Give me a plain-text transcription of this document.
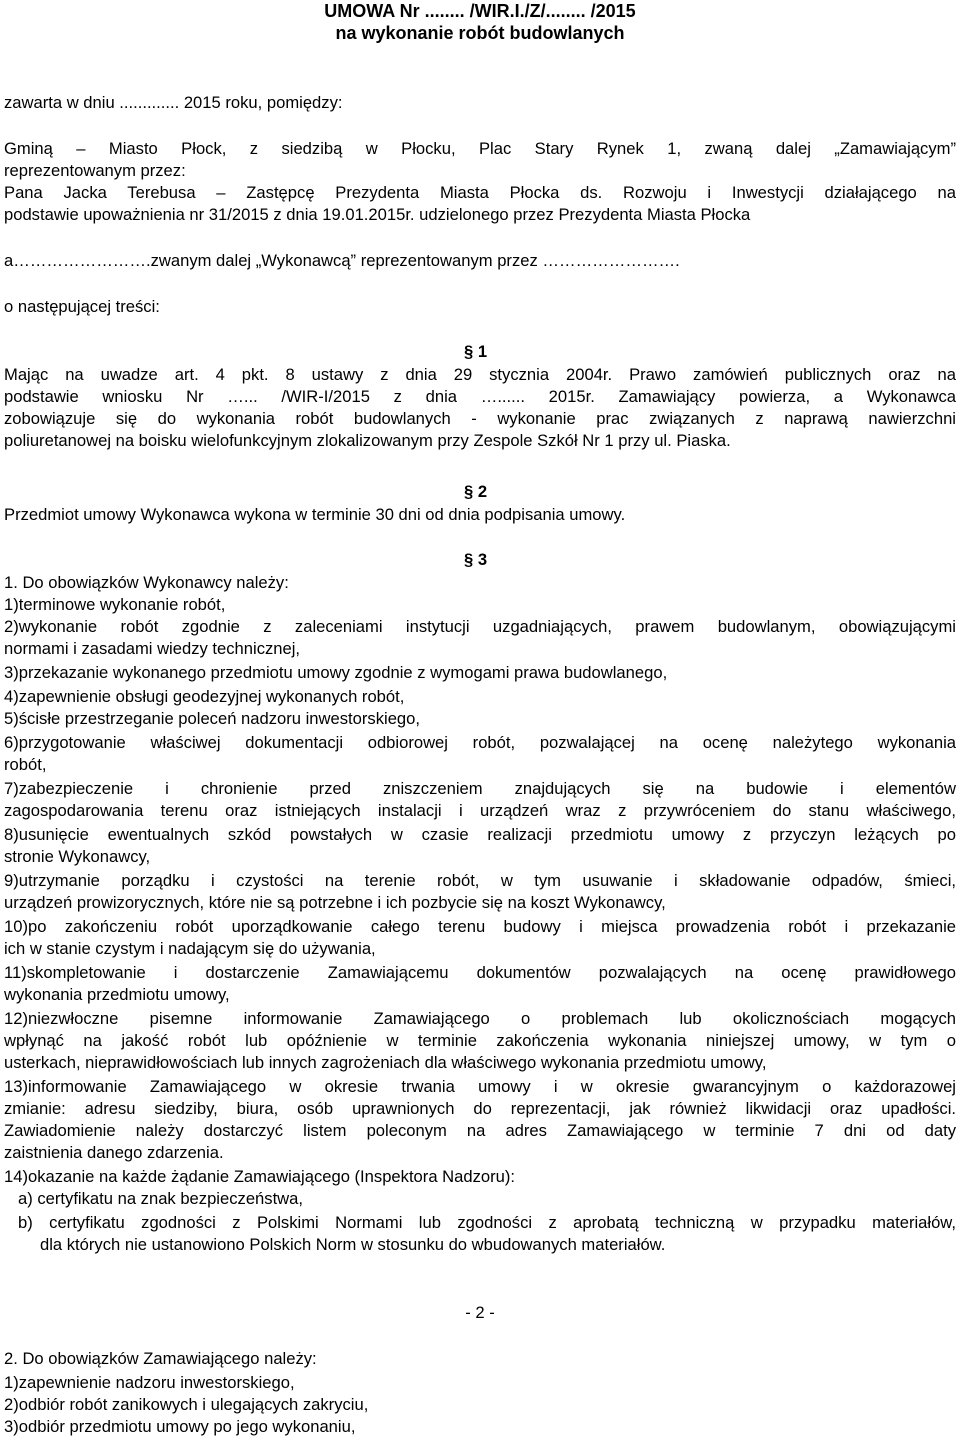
UMOWA Nr ........ /WIR.I./Z/........ /2015
na wykonanie robót budowlanych
zawarta w dniu ............. 2015 roku, pomiędzy:
Gminą – Miasto Płock, z siedzibą w Płocku, Plac Stary Rynek 1, zwaną dalej „Zamawiającym”
reprezentowanym przez:
Pana Jacka Terebusa – Zastępcę Prezydenta Miasta Płocka ds. Rozwoju i Inwestycji działającego na
podstawie upoważnienia nr 31/2015 z dnia 19.01.2015r. udzielonego przez Prezydenta Miasta Płocka
a…………………….zwanym dalej „Wykonawcą” reprezentowanym przez …………………….
o następującej treści:
§ 1
Mając na uwadze art. 4 pkt. 8 ustawy z dnia 29 stycznia 2004r. Prawo zamówień publicznych oraz na
podstawie wniosku Nr …... /WIR-I/2015 z dnia …...... 2015r. Zamawiający powierza, a Wykonawca
zobowiązuje się do wykonania robót budowlanych - wykonanie prac związanych z naprawą nawierzchni
poliuretanowej na boisku wielofunkcyjnym zlokalizowanym przy Zespole Szkół Nr 1 przy ul. Piaska.
§ 2
Przedmiot umowy Wykonawca wykona w terminie 30 dni od dnia podpisania umowy.
§ 3
1. Do obowiązków Wykonawcy należy:
1)terminowe wykonanie robót,
2)wykonanie robót zgodnie z zaleceniami instytucji uzgadniających, prawem budowlanym, obowiązującymi
normami i zasadami wiedzy technicznej,
3)przekazanie wykonanego przedmiotu umowy zgodnie z wymogami prawa budowlanego,
4)zapewnienie obsługi geodezyjnej wykonanych robót,
5)ścisłe przestrzeganie poleceń nadzoru inwestorskiego,
6)przygotowanie właściwej dokumentacji odbiorowej robót, pozwalającej na ocenę należytego wykonania
robót,
7)zabezpieczenie i chronienie przed zniszczeniem znajdujących się na budowie i elementów
zagospodarowania terenu oraz istniejących instalacji i urządzeń wraz z przywróceniem do stanu właściwego,
8)usunięcie ewentualnych szkód powstałych w czasie realizacji przedmiotu umowy z przyczyn leżących po
stronie Wykonawcy,
9)utrzymanie porządku i czystości na terenie robót, w tym usuwanie i składowanie odpadów, śmieci,
urządzeń prowizorycznych, które nie są potrzebne i ich pozbycie się na koszt Wykonawcy,
10)po zakończeniu robót uporządkowanie całego terenu budowy i miejsca prowadzenia robót i przekazanie
ich w stanie czystym i nadającym się do używania,
11)skompletowanie i dostarczenie Zamawiającemu dokumentów pozwalających na ocenę prawidłowego
wykonania przedmiotu umowy,
12)niezwłoczne pisemne informowanie Zamawiającego o problemach lub okolicznościach mogących
wpłynąć na jakość robót lub opóźnienie w terminie zakończenia wykonania niniejszej umowy, w tym o
usterkach, nieprawidłowościach lub innych zagrożeniach dla właściwego wykonania przedmiotu umowy,
13)informowanie Zamawiającego w okresie trwania umowy i w okresie gwarancyjnym o każdorazowej
zmianie: adresu siedziby, biura, osób uprawnionych do reprezentacji, jak również likwidacji oraz upadłości.
Zawiadomienie należy dostarczyć listem poleconym na adres Zamawiającego w terminie 7 dni od daty
zaistnienia danego zdarzenia.
14)okazanie na każde żądanie Zamawiającego (Inspektora Nadzoru):
a) certyfikatu na znak bezpieczeństwa,
b) certyfikatu zgodności z Polskimi Normami lub zgodności z aprobatą techniczną w przypadku materiałów,
dla których nie ustanowiono Polskich Norm w stosunku do wbudowanych materiałów.
- 2 -
2. Do obowiązków Zamawiającego należy:
1)zapewnienie nadzoru inwestorskiego,
2)odbiór robót zanikowych i ulegających zakryciu,
3)odbiór przedmiotu umowy po jego wykonaniu,
